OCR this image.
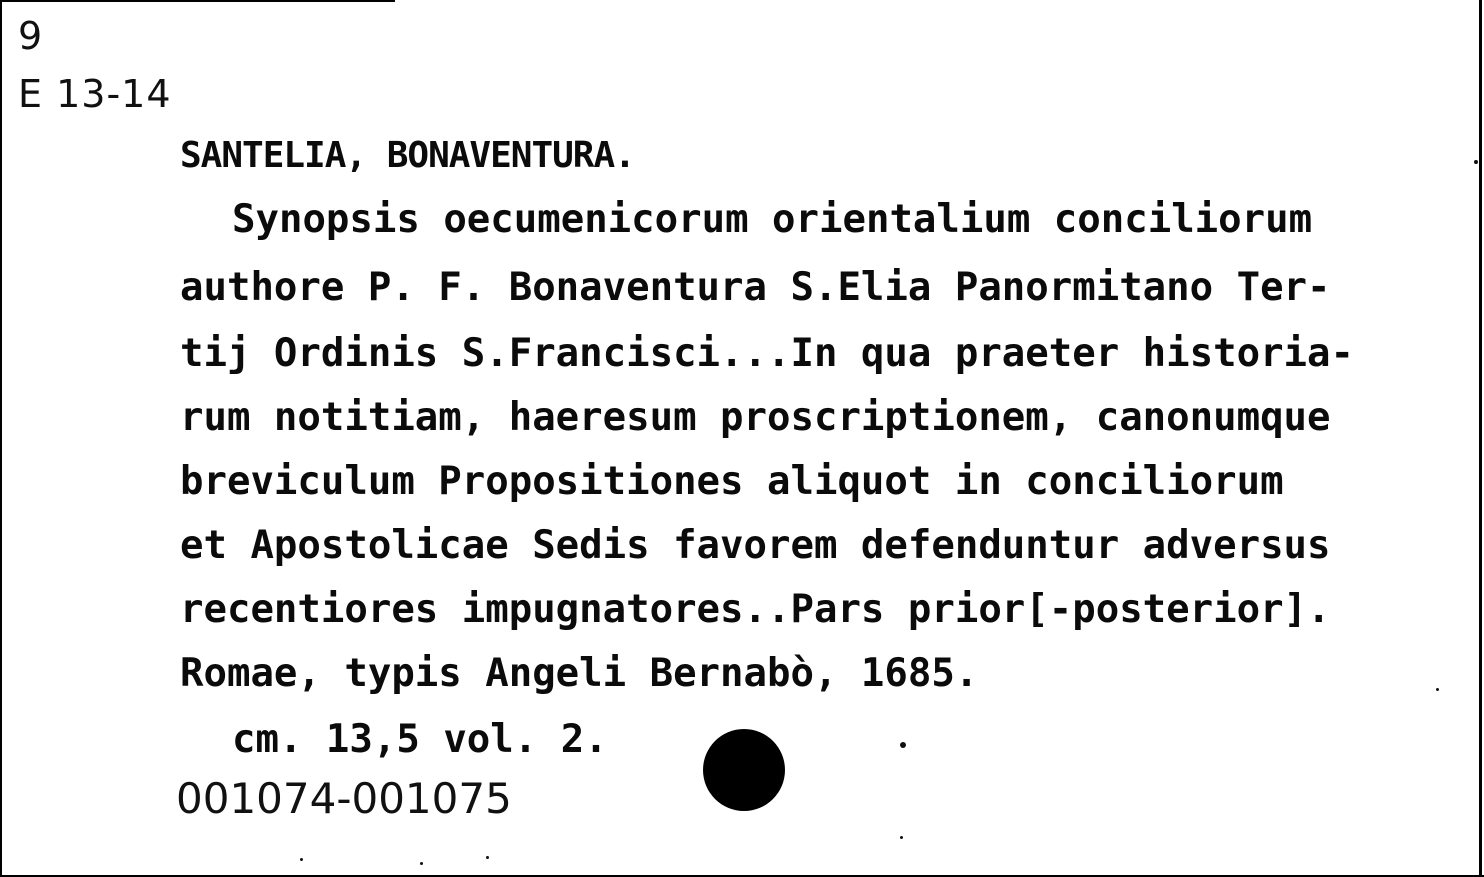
9
E 13-14
SANTELIA, BONAVENTURA.
Synopsis oecumenicorum orientalium conciliorum
authore P. F. Bonaventura S.Elia Panormitano Ter-
tij Ordinis S.Francisci...In qua praeter historia-
rum notitiam, haeresum proscriptionem, canonumque
breviculum Propositiones aliquot in conciliorum
et Apostolicae Sedis favorem defenduntur adversus
recentiores impugnatores..Pars prior[-posterior].
Romae, typis Angeli Bernabò, 1685.
cm. 13,5 vol. 2.
001074-001075
